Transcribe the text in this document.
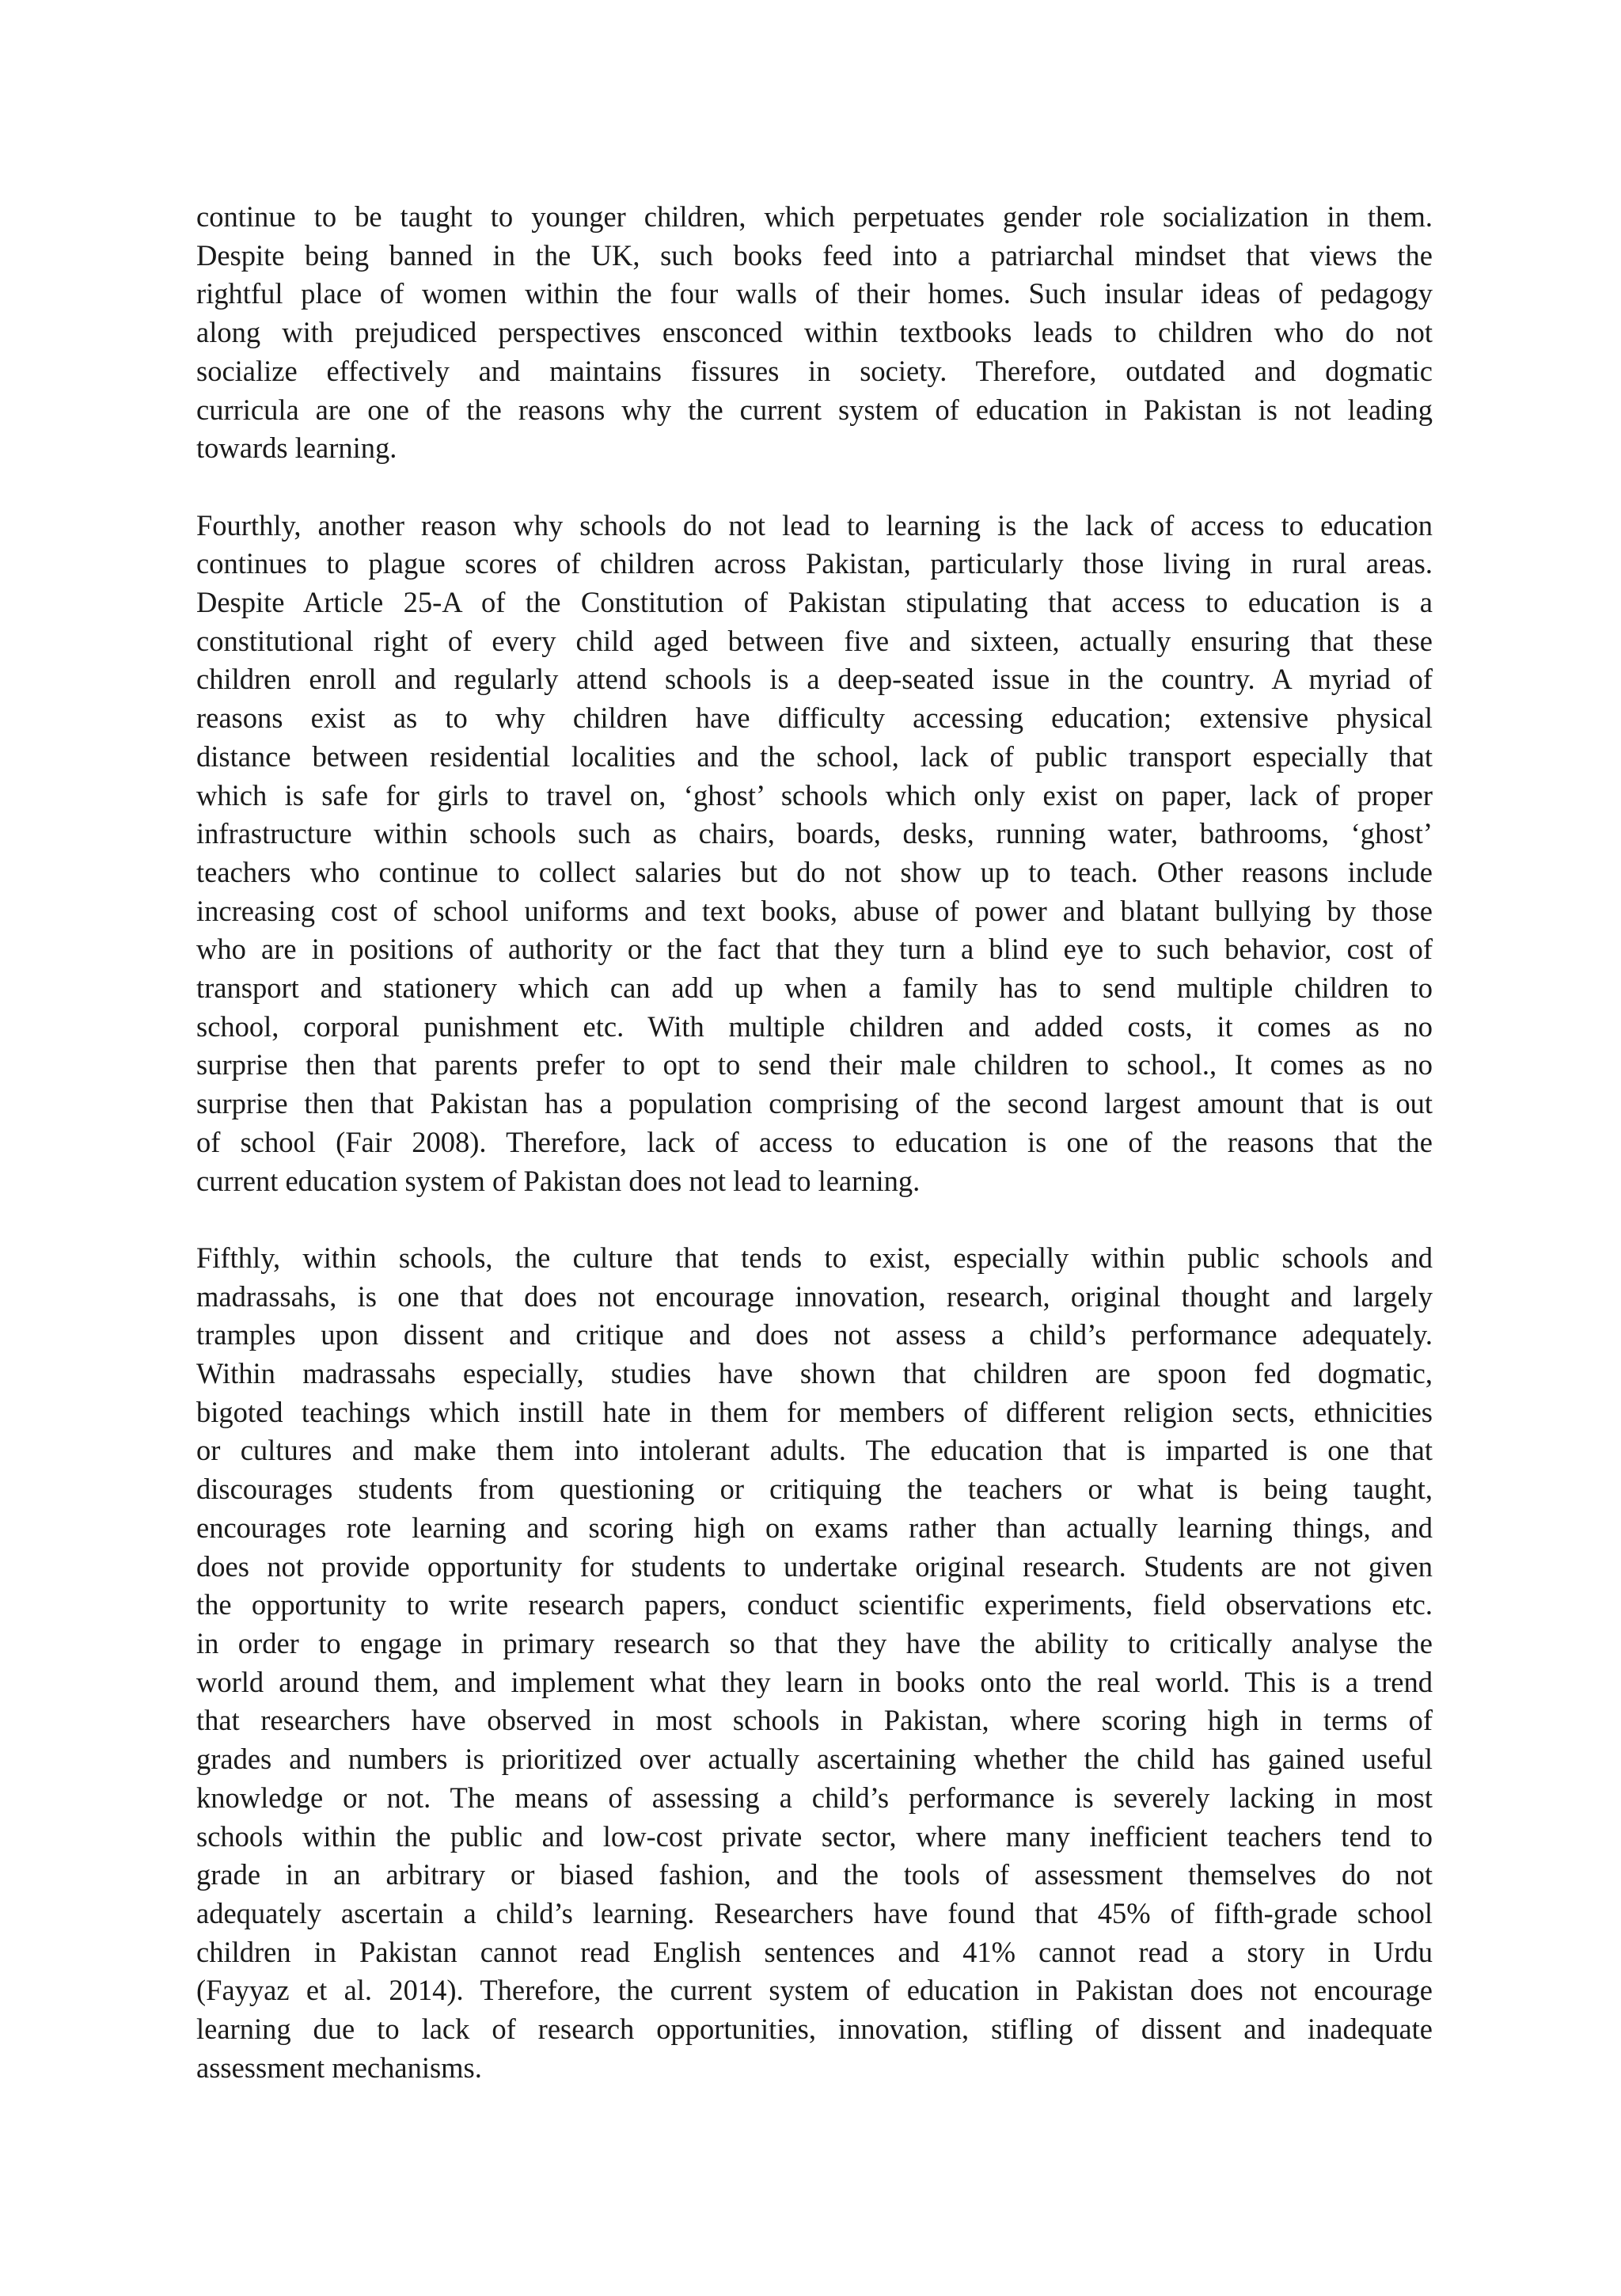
continue to be taught to younger children, which perpetuates gender role socialization in them.
Despite being banned in the UK, such books feed into a patriarchal mindset that views the
rightful place of women within the four walls of their homes. Such insular ideas of pedagogy
along with prejudiced perspectives ensconced within textbooks leads to children who do not
socialize effectively and maintains fissures in society. Therefore, outdated and dogmatic
curricula are one of the reasons why the current system of education in Pakistan is not leading
towards learning.

Fourthly, another reason why schools do not lead to learning is the lack of access to education
continues to plague scores of children across Pakistan, particularly those living in rural areas.
Despite Article 25-A of the Constitution of Pakistan stipulating that access to education is a
constitutional right of every child aged between five and sixteen, actually ensuring that these
children enroll and regularly attend schools is a deep-seated issue in the country. A myriad of
reasons exist as to why children have difficulty accessing education; extensive physical
distance between residential localities and the school, lack of public transport especially that
which is safe for girls to travel on, ‘ghost’ schools which only exist on paper, lack of proper
infrastructure within schools such as chairs, boards, desks, running water, bathrooms, ‘ghost’
teachers who continue to collect salaries but do not show up to teach. Other reasons include
increasing cost of school uniforms and text books, abuse of power and blatant bullying by those
who are in positions of authority or the fact that they turn a blind eye to such behavior, cost of
transport and stationery which can add up when a family has to send multiple children to
school, corporal punishment etc. With multiple children and added costs, it comes as no
surprise then that parents prefer to opt to send their male children to school., It comes as no
surprise then that Pakistan has a population comprising of the second largest amount that is out
of school (Fair 2008). Therefore, lack of access to education is one of the reasons that the
current education system of Pakistan does not lead to learning.

Fifthly, within schools, the culture that tends to exist, especially within public schools and
madrassahs, is one that does not encourage innovation, research, original thought and largely
tramples upon dissent and critique and does not assess a child’s performance adequately.
Within madrassahs especially, studies have shown that children are spoon fed dogmatic,
bigoted teachings which instill hate in them for members of different religion sects, ethnicities
or cultures and make them into intolerant adults. The education that is imparted is one that
discourages students from questioning or critiquing the teachers or what is being taught,
encourages rote learning and scoring high on exams rather than actually learning things, and
does not provide opportunity for students to undertake original research. Students are not given
the opportunity to write research papers, conduct scientific experiments, field observations etc.
in order to engage in primary research so that they have the ability to critically analyse the
world around them, and implement what they learn in books onto the real world. This is a trend
that researchers have observed in most schools in Pakistan, where scoring high in terms of
grades and numbers is prioritized over actually ascertaining whether the child has gained useful
knowledge or not. The means of assessing a child’s performance is severely lacking in most
schools within the public and low-cost private sector, where many inefficient teachers tend to
grade in an arbitrary or biased fashion, and the tools of assessment themselves do not
adequately ascertain a child’s learning. Researchers have found that 45% of fifth-grade school
children in Pakistan cannot read English sentences and 41% cannot read a story in Urdu
(Fayyaz et al. 2014). Therefore, the current system of education in Pakistan does not encourage
learning due to lack of research opportunities, innovation, stifling of dissent and inadequate
assessment mechanisms.
